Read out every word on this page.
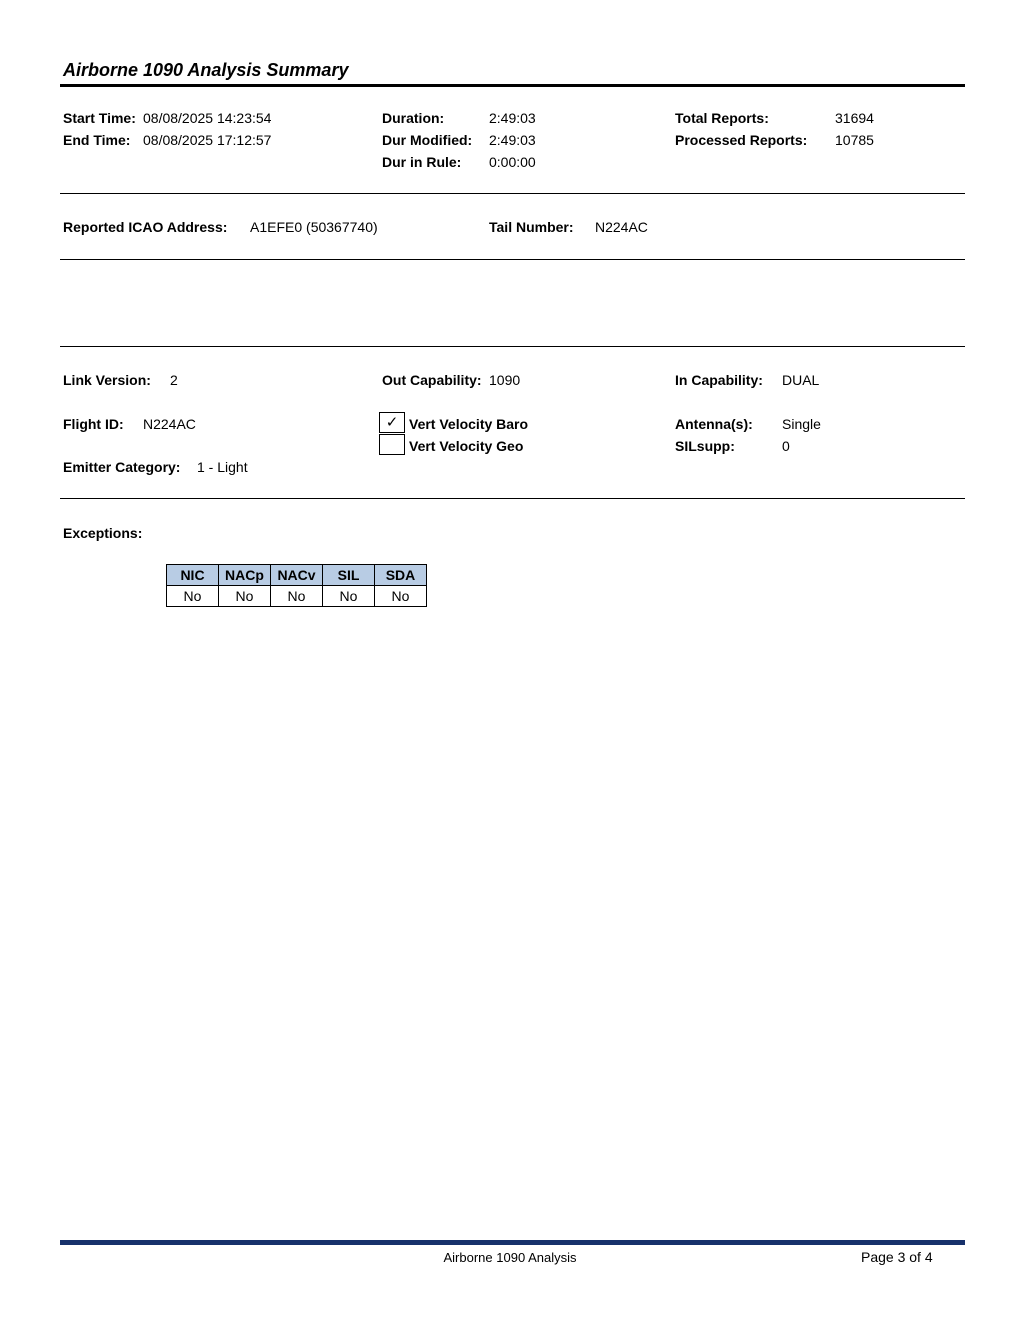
Airborne 1090 Analysis Summary
Start Time: 08/08/2025 14:23:54
End Time: 08/08/2025 17:12:57
Duration:	2:49:03
Dur Modified: 2:49:03
Dur in Rule: 0:00:00
Total Reports:	31694
Processed Reports: 10785
Reported ICAO Address: A1EFE0 (50367740)	Tail Number: N224AC
Link Version: 2	Out Capability: 1090	In Capability: DUAL
Flight ID: N224AC	✓ Vert Velocity Baro
Vert Velocity Geo
Antenna(s): Single
SILsupp:	0
Emitter Category: 1 - Light
Exceptions:
NIC	NACp	NACv	SIL	SDA
No	No	No	No	No
Airborne 1090 Analysis	Page 3 of 4
